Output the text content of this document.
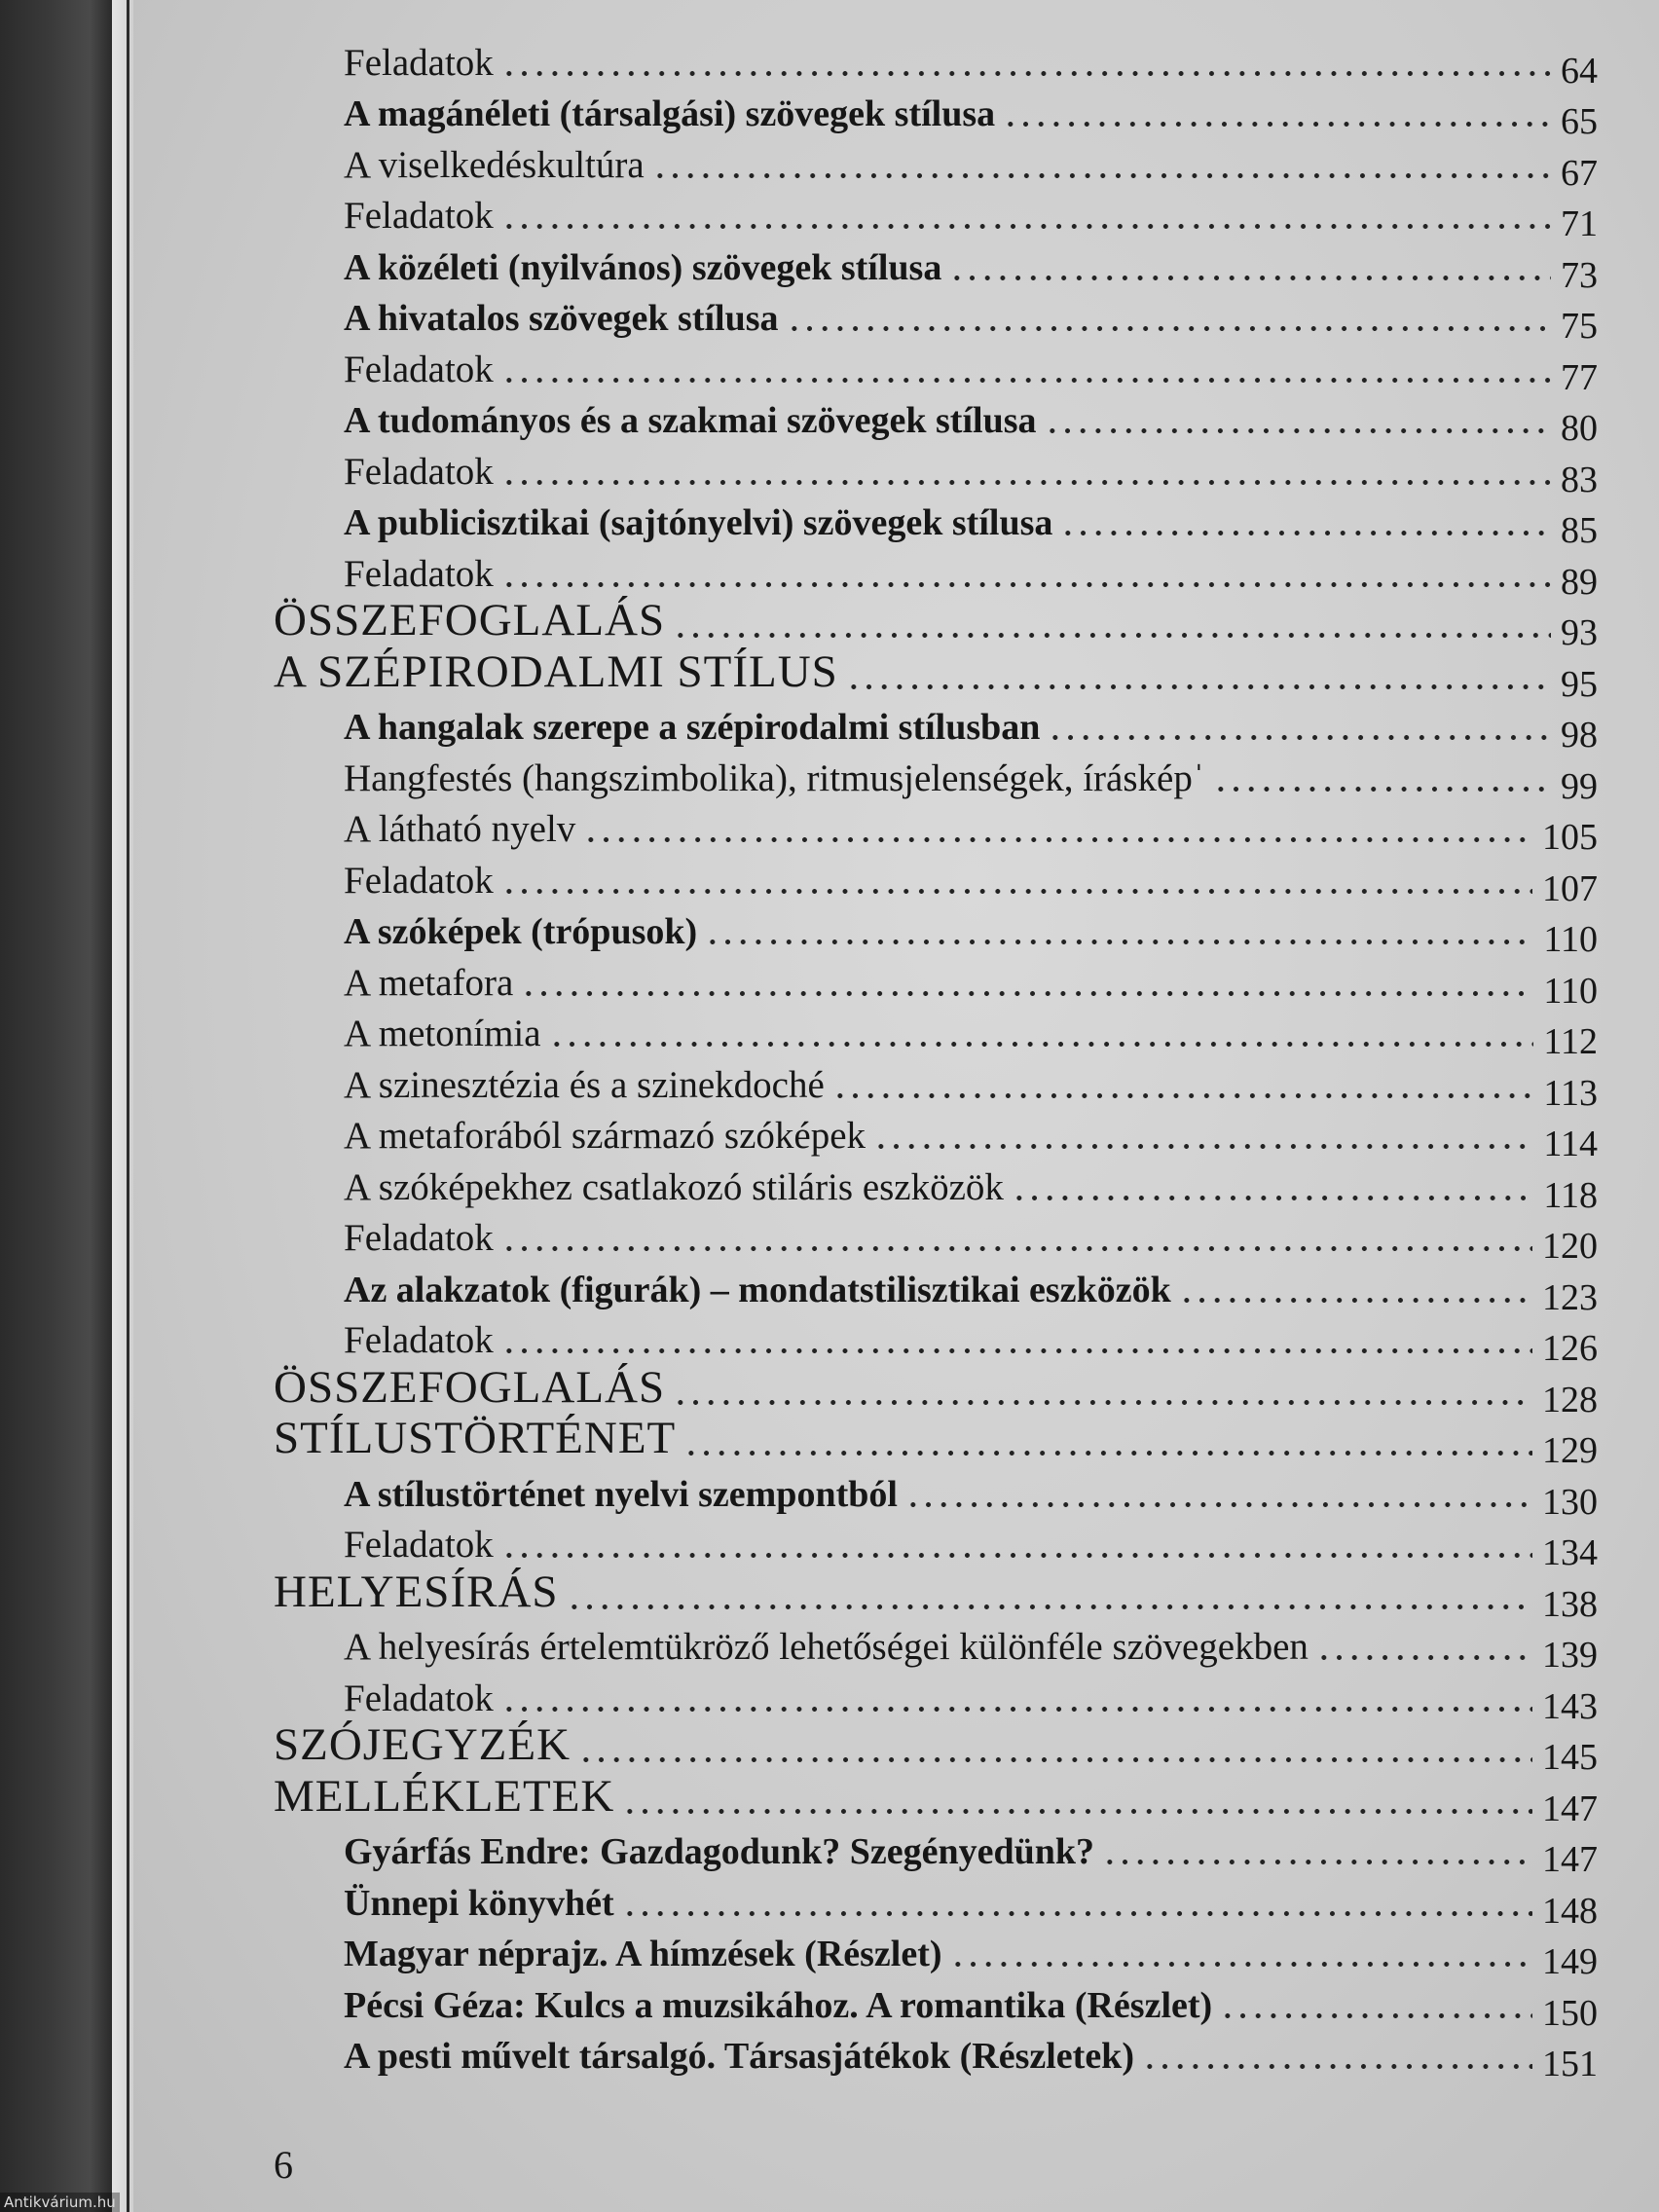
Feladatok	64
A magánéleti (társalgási) szövegek stílusa	65
A viselkedéskultúra	67
Feladatok	71
A közéleti (nyilvános) szövegek stílusa	73
A hivatalos szövegek stílusa	75
Feladatok	77
A tudományos és a szakmai szövegek stílusa	80
Feladatok	83
A publicisztikai (sajtónyelvi) szövegek stílusa	85
Feladatok	89
ÖSSZEFOGLALÁS	93
A SZÉPIRODALMI STÍLUS	95
A hangalak szerepe a szépirodalmi stílusban	98
Hangfestés (hangszimbolika), ritmusjelenségek, írásképˈ	99
A látható nyelv	105
Feladatok	107
A szóképek (trópusok)	110
A metafora	110
A metonímia	112
A szinesztézia és a szinekdoché	113
A metaforából származó szóképek	114
A szóképekhez csatlakozó stiláris eszközök	118
Feladatok	120
Az alakzatok (figurák) – mondatstilisztikai eszközök	123
Feladatok	126
ÖSSZEFOGLALÁS	128
STÍLUSTÖRTÉNET	129
A stílustörténet nyelvi szempontból	130
Feladatok	134
HELYESÍRÁS	138
A helyesírás értelemtükröző lehetőségei különféle szövegekben	139
Feladatok	143
SZÓJEGYZÉK	145
MELLÉKLETEK	147
Gyárfás Endre: Gazdagodunk? Szegényedünk?	147
Ünnepi könyvhét	148
Magyar néprajz. A hímzések (Részlet)	149
Pécsi Géza: Kulcs a muzsikához. A romantika (Részlet)	150
A pesti művelt társalgó. Társasjátékok (Részletek)	151
6
Antikvárium.hu
